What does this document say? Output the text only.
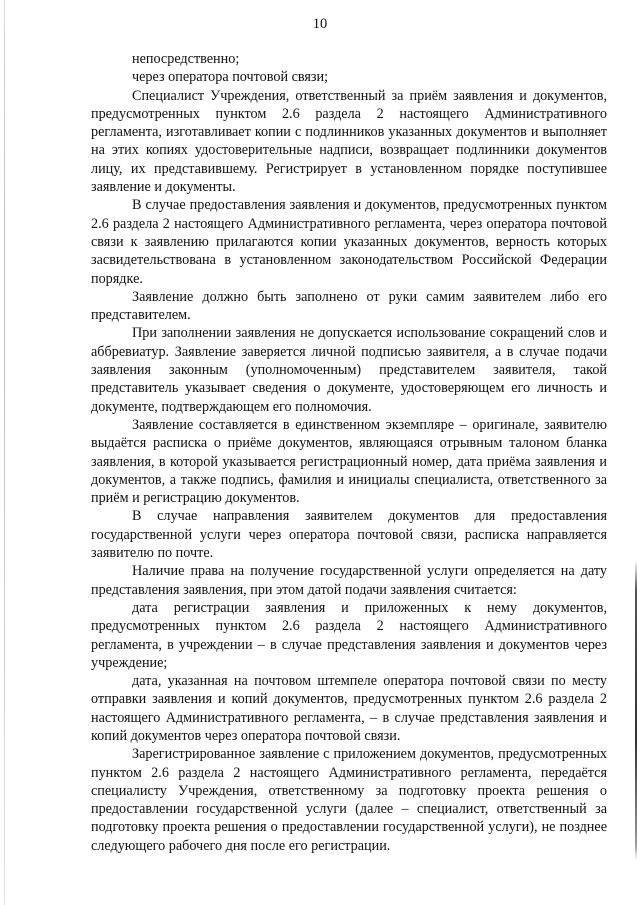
10

непосредственно;

через оператора почтовой связи;

Специалист Учреждения, ответственный за приём заявления и документов, предусмотренных пунктом 2.6 раздела 2 настоящего Административного регламента, изготавливает копии с подлинников указанных документов и выполняет на этих копиях удостоверительные надписи, возвращает подлинники документов лицу, их представившему. Регистрирует в установленном порядке поступившее заявление и документы.

В случае предоставления заявления и документов, предусмотренных пунктом 2.6 раздела 2 настоящего Административного регламента, через оператора почтовой связи к заявлению прилагаются копии указанных документов, верность которых засвидетельствована в установленном законодательством Российской Федерации порядке.

Заявление должно быть заполнено от руки самим заявителем либо его представителем.

При заполнении заявления не допускается использование сокращений слов и аббревиатур. Заявление заверяется личной подписью заявителя, а в случае подачи заявления законным (уполномоченным) представителем заявителя, такой представитель указывает сведения о документе, удостоверяющем его личность и документе, подтверждающем его полномочия.

Заявление составляется в единственном экземпляре – оригинале, заявителю выдаётся расписка о приёме документов, являющаяся отрывным талоном бланка заявления, в которой указывается регистрационный номер, дата приёма заявления и документов, а также подпись, фамилия и инициалы специалиста, ответственного за приём и регистрацию документов.

В случае направления заявителем документов для предоставления государственной услуги через оператора почтовой связи, расписка направляется заявителю по почте.

Наличие права на получение государственной услуги определяется на дату представления заявления, при этом датой подачи заявления считается:

дата регистрации заявления и приложенных к нему документов, предусмотренных пунктом 2.6 раздела 2 настоящего Административного регламента, в учреждении – в случае представления заявления и документов через учреждение;

дата, указанная на почтовом штемпеле оператора почтовой связи по месту отправки заявления и копий документов, предусмотренных пунктом 2.6 раздела 2 настоящего Административного регламента, – в случае представления заявления и копий документов через оператора почтовой связи.

Зарегистрированное заявление с приложением документов, предусмотренных пунктом 2.6 раздела 2 настоящего Административного регламента, передаётся специалисту Учреждения, ответственному за подготовку проекта решения о предоставлении государственной услуги (далее – специалист, ответственный за подготовку проекта решения о предоставлении государственной услуги), не позднее следующего рабочего дня после его регистрации.
